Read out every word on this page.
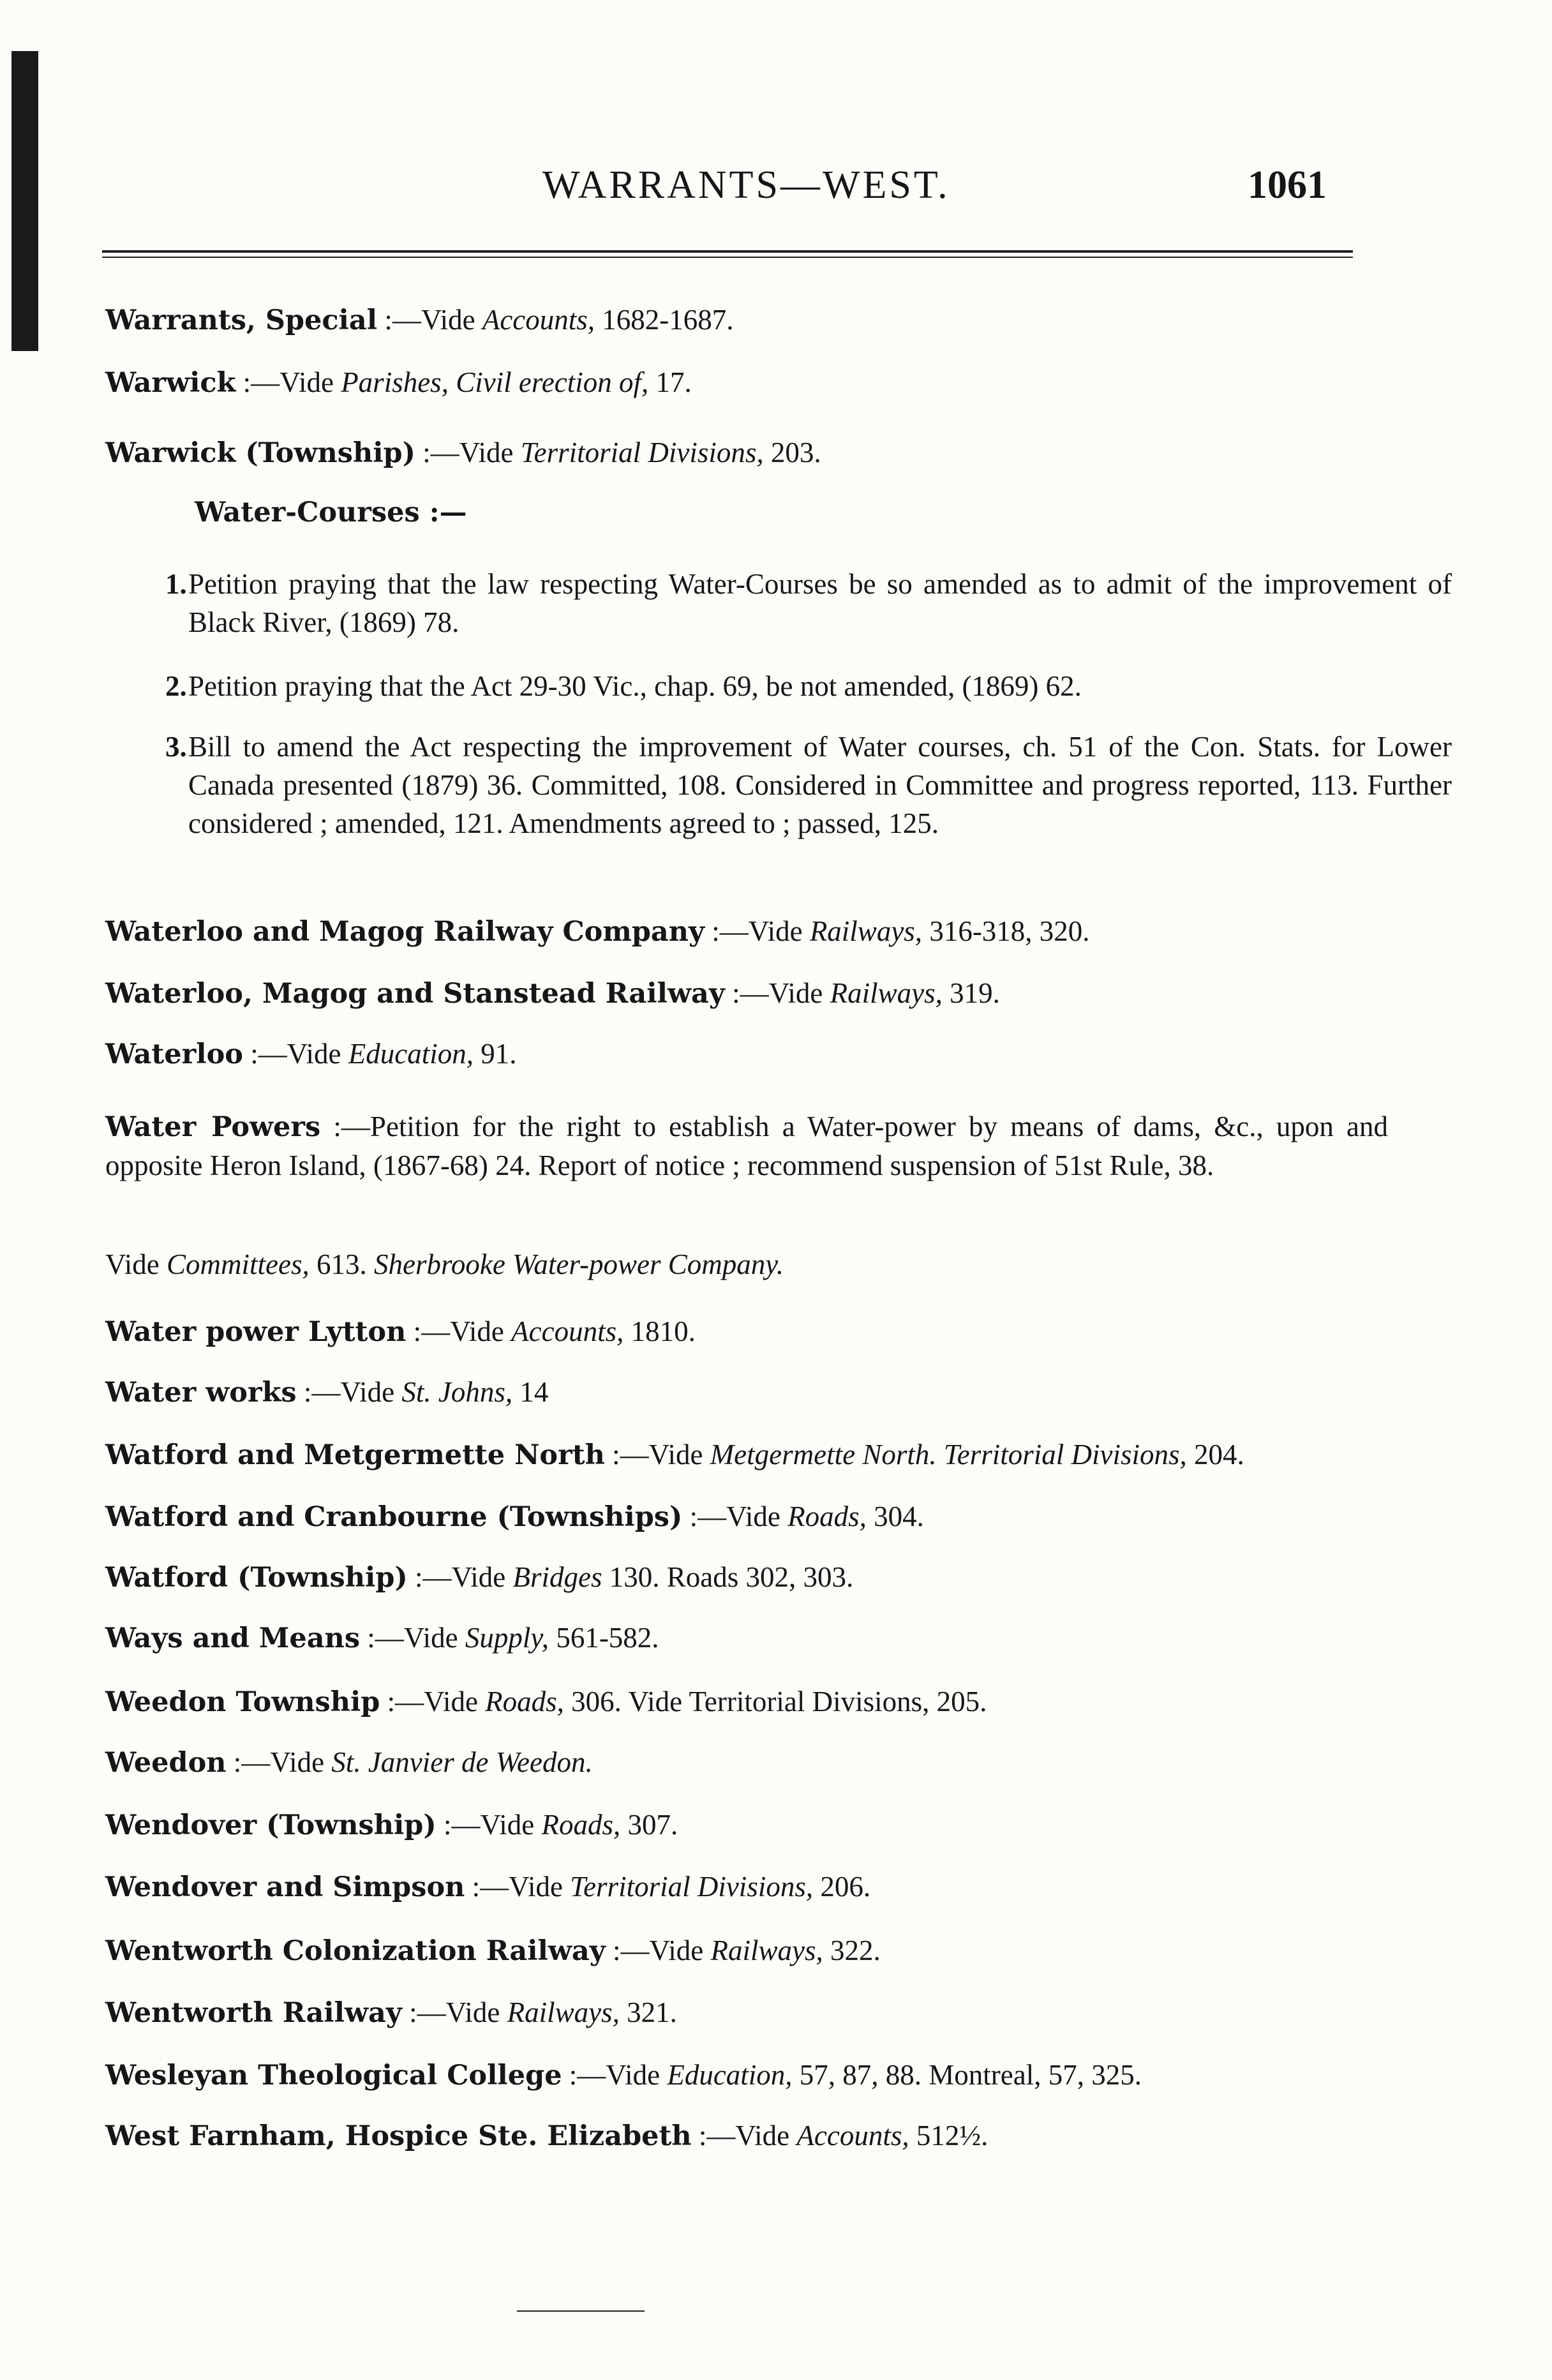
WARRANTS—WEST.	1061
Warrants, Special :—Vide Accounts, 1682-1687.
Warwick :—Vide Parishes, Civil erection of, 17.
Warwick (Township) :—Vide Territorial Divisions, 203.
Water-Courses :—
1. Petition praying that the law respecting Water-Courses be so amended as to admit of the improvement of Black River, (1869) 78.
2. Petition praying that the Act 29-30 Vic., chap. 69, be not amended, (1869) 62.
3. Bill to amend the Act respecting the improvement of Water courses, ch. 51 of the Con. Stats. for Lower Canada presented (1879) 36. Committed, 108. Considered in Committee and progress reported, 113. Further considered ; amended, 121. Amendments agreed to ; passed, 125.
Waterloo and Magog Railway Company :—Vide Railways, 316-318, 320.
Waterloo, Magog and Stanstead Railway :—Vide Railways, 319.
Waterloo :—Vide Education, 91.
Water Powers :—Petition for the right to establish a Water-power by means of dams, &c., upon and opposite Heron Island, (1867-68) 24. Report of notice ; recommend suspension of 51st Rule, 38.
Vide Committees, 613. Sherbrooke Water-power Company.
Water power Lytton :—Vide Accounts, 1810.
Water works :—Vide St. Johns, 14
Watford and Metgermette North :—Vide Metgermette North. Territorial Divisions, 204.
Watford and Cranbourne (Townships) :—Vide Roads, 304.
Watford (Township) :—Vide Bridges 130. Roads 302, 303.
Ways and Means :—Vide Supply, 561-582.
Weedon Township :—Vide Roads, 306. Vide Territorial Divisions, 205.
Weedon :—Vide St. Janvier de Weedon.
Wendover (Township) :—Vide Roads, 307.
Wendover and Simpson :—Vide Territorial Divisions, 206.
Wentworth Colonization Railway :—Vide Railways, 322.
Wentworth Railway :—Vide Railways, 321.
Wesleyan Theological College :—Vide Education, 57, 87, 88. Montreal, 57, 325.
West Farnham, Hospice Ste. Elizabeth :—Vide Accounts, 512½.
